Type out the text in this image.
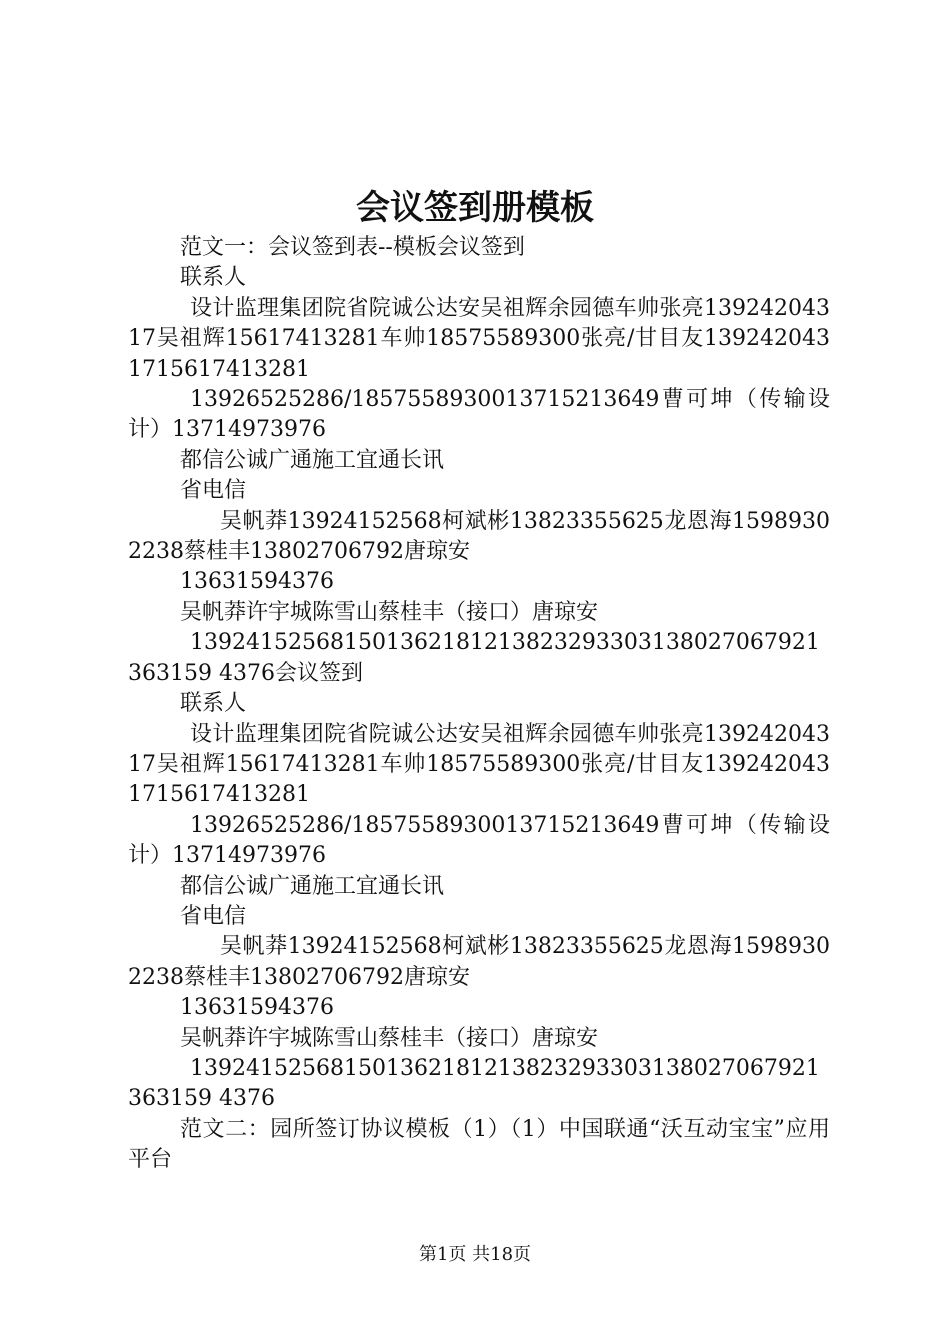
会议签到册模板

范文一：会议签到表--模板会议签到

联系人

设计监理集团院省院诚公达安吴祖辉余园德车帅张亮13924204317吴祖辉15617413281车帅18575589300张亮/甘目友1392420431715617413281

13926525286/18575589300137152136​49曹可坤（传输设计）13714973976

都信公诚广通施工宜通长讯

省电信

吴帆莽13924152568柯斌彬13823355625龙恩海15989302238蔡桂丰13802706792唐琼安

13631594376

吴帆莽许宇城陈雪山蔡桂丰（接口）唐琼安

139241525681501362181213823293303138027067921363159 4376会议签到

联系人

设计监理集团院省院诚公达安吴祖辉余园德车帅张亮13924204317吴祖辉15617413281车帅18575589300张亮/甘目友1392420431715617413281

13926525286/18575589300137152136​49曹可坤（传输设计）13714973976

都信公诚广通施工宜通长讯

省电信

吴帆莽13924152568柯斌彬13823355625龙恩海15989302238蔡桂丰13802706792唐琼安

13631594376

吴帆莽许宇城陈雪山蔡桂丰（接口）唐琼安

139241525681501362181213823293303138027067921363159 4376

范文二：园所签订协议模板（1）（1）中国联通“沃互动宝宝”应用平台

第1页 共18页
